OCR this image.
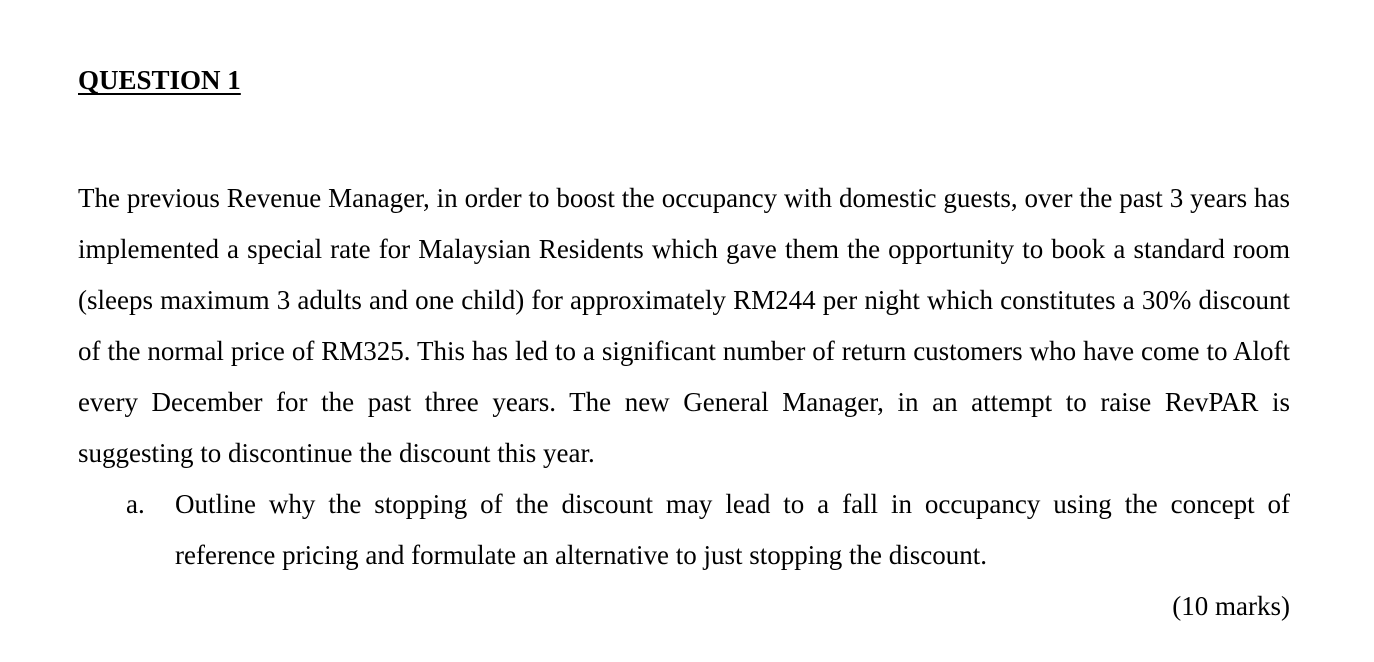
QUESTION 1

The previous Revenue Manager, in order to boost the occupancy with domestic guests, over the past 3 years has implemented a special rate for Malaysian Residents which gave them the opportunity to book a standard room (sleeps maximum 3 adults and one child) for approximately RM244 per night which constitutes a 30% discount of the normal price of RM325. This has led to a significant number of return customers who have come to Aloft every December for the past three years. The new General Manager, in an attempt to raise RevPAR is suggesting to discontinue the discount this year.

a. Outline why the stopping of the discount may lead to a fall in occupancy using the concept of reference pricing and formulate an alternative to just stopping the discount.
(10 marks)
